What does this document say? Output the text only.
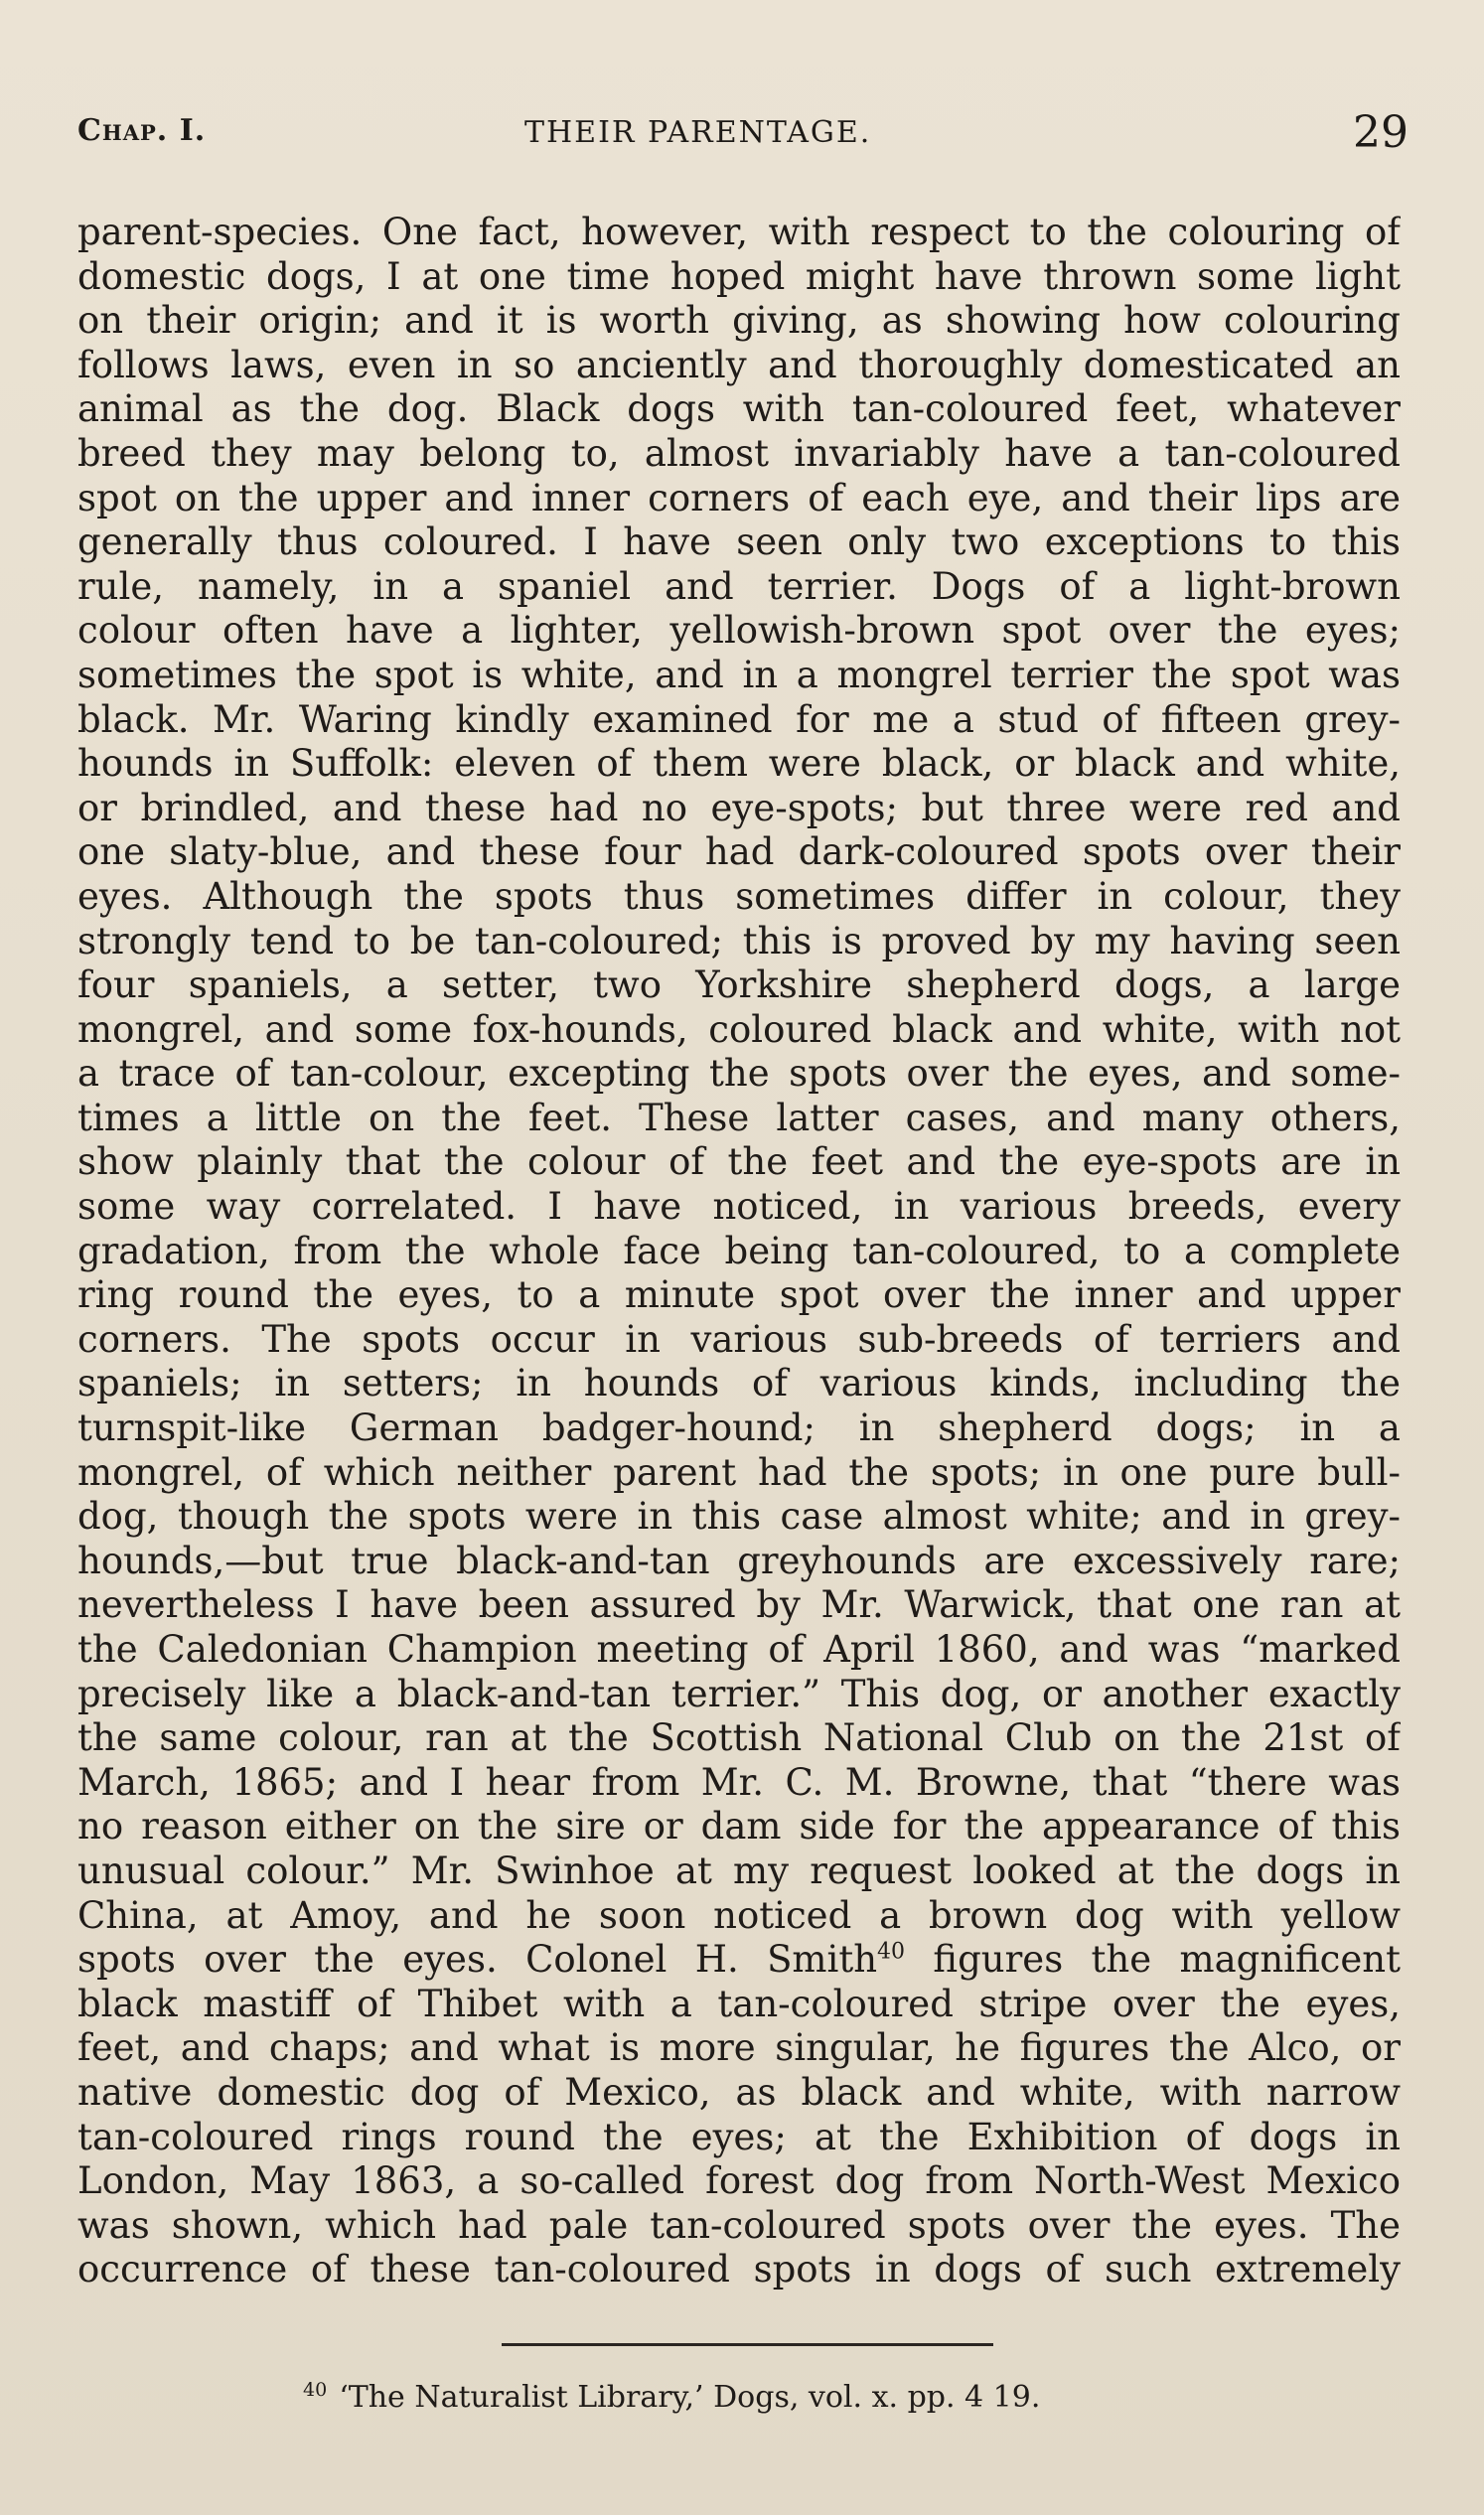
Chap. I.	THEIR PARENTAGE.	29
parent-species. One fact, however, with respect to the colouring of
domestic dogs, I at one time hoped might have thrown some light
on their origin; and it is worth giving, as showing how colouring
follows laws, even in so anciently and thoroughly domesticated an
animal as the dog. Black dogs with tan-coloured feet, whatever
breed they may belong to, almost invariably have a tan-coloured
spot on the upper and inner corners of each eye, and their lips are
generally thus coloured. I have seen only two exceptions to this
rule, namely, in a spaniel and terrier. Dogs of a light-brown
colour often have a lighter, yellowish-brown spot over the eyes;
sometimes the spot is white, and in a mongrel terrier the spot was
black. Mr. Waring kindly examined for me a stud of fifteen grey-
hounds in Suffolk: eleven of them were black, or black and white,
or brindled, and these had no eye-spots; but three were red and
one slaty-blue, and these four had dark-coloured spots over their
eyes. Although the spots thus sometimes differ in colour, they
strongly tend to be tan-coloured; this is proved by my having seen
four spaniels, a setter, two Yorkshire shepherd dogs, a large
mongrel, and some fox-hounds, coloured black and white, with not
a trace of tan-colour, excepting the spots over the eyes, and some-
times a little on the feet. These latter cases, and many others,
show plainly that the colour of the feet and the eye-spots are in
some way correlated. I have noticed, in various breeds, every
gradation, from the whole face being tan-coloured, to a complete
ring round the eyes, to a minute spot over the inner and upper
corners. The spots occur in various sub-breeds of terriers and
spaniels; in setters; in hounds of various kinds, including the
turnspit-like German badger-hound; in shepherd dogs; in a
mongrel, of which neither parent had the spots; in one pure bull-
dog, though the spots were in this case almost white; and in grey-
hounds,—but true black-and-tan greyhounds are excessively rare;
nevertheless I have been assured by Mr. Warwick, that one ran at
the Caledonian Champion meeting of April 1860, and was “marked
precisely like a black-and-tan terrier.” This dog, or another exactly
the same colour, ran at the Scottish National Club on the 21st of
March, 1865; and I hear from Mr. C. M. Browne, that “there was
no reason either on the sire or dam side for the appearance of this
unusual colour.” Mr. Swinhoe at my request looked at the dogs in
China, at Amoy, and he soon noticed a brown dog with yellow
spots over the eyes. Colonel H. Smith$^{40}$ figures the magnificent
black mastiff of Thibet with a tan-coloured stripe over the eyes,
feet, and chaps; and what is more singular, he figures the Alco, or
native domestic dog of Mexico, as black and white, with narrow
tan-coloured rings round the eyes; at the Exhibition of dogs in
London, May 1863, a so-called forest dog from North-West Mexico
was shown, which had pale tan-coloured spots over the eyes. The
occurrence of these tan-coloured spots in dogs of such extremely
$^{40}$ ‘The Naturalist Library,’ Dogs, vol. x. pp. 4 19.
